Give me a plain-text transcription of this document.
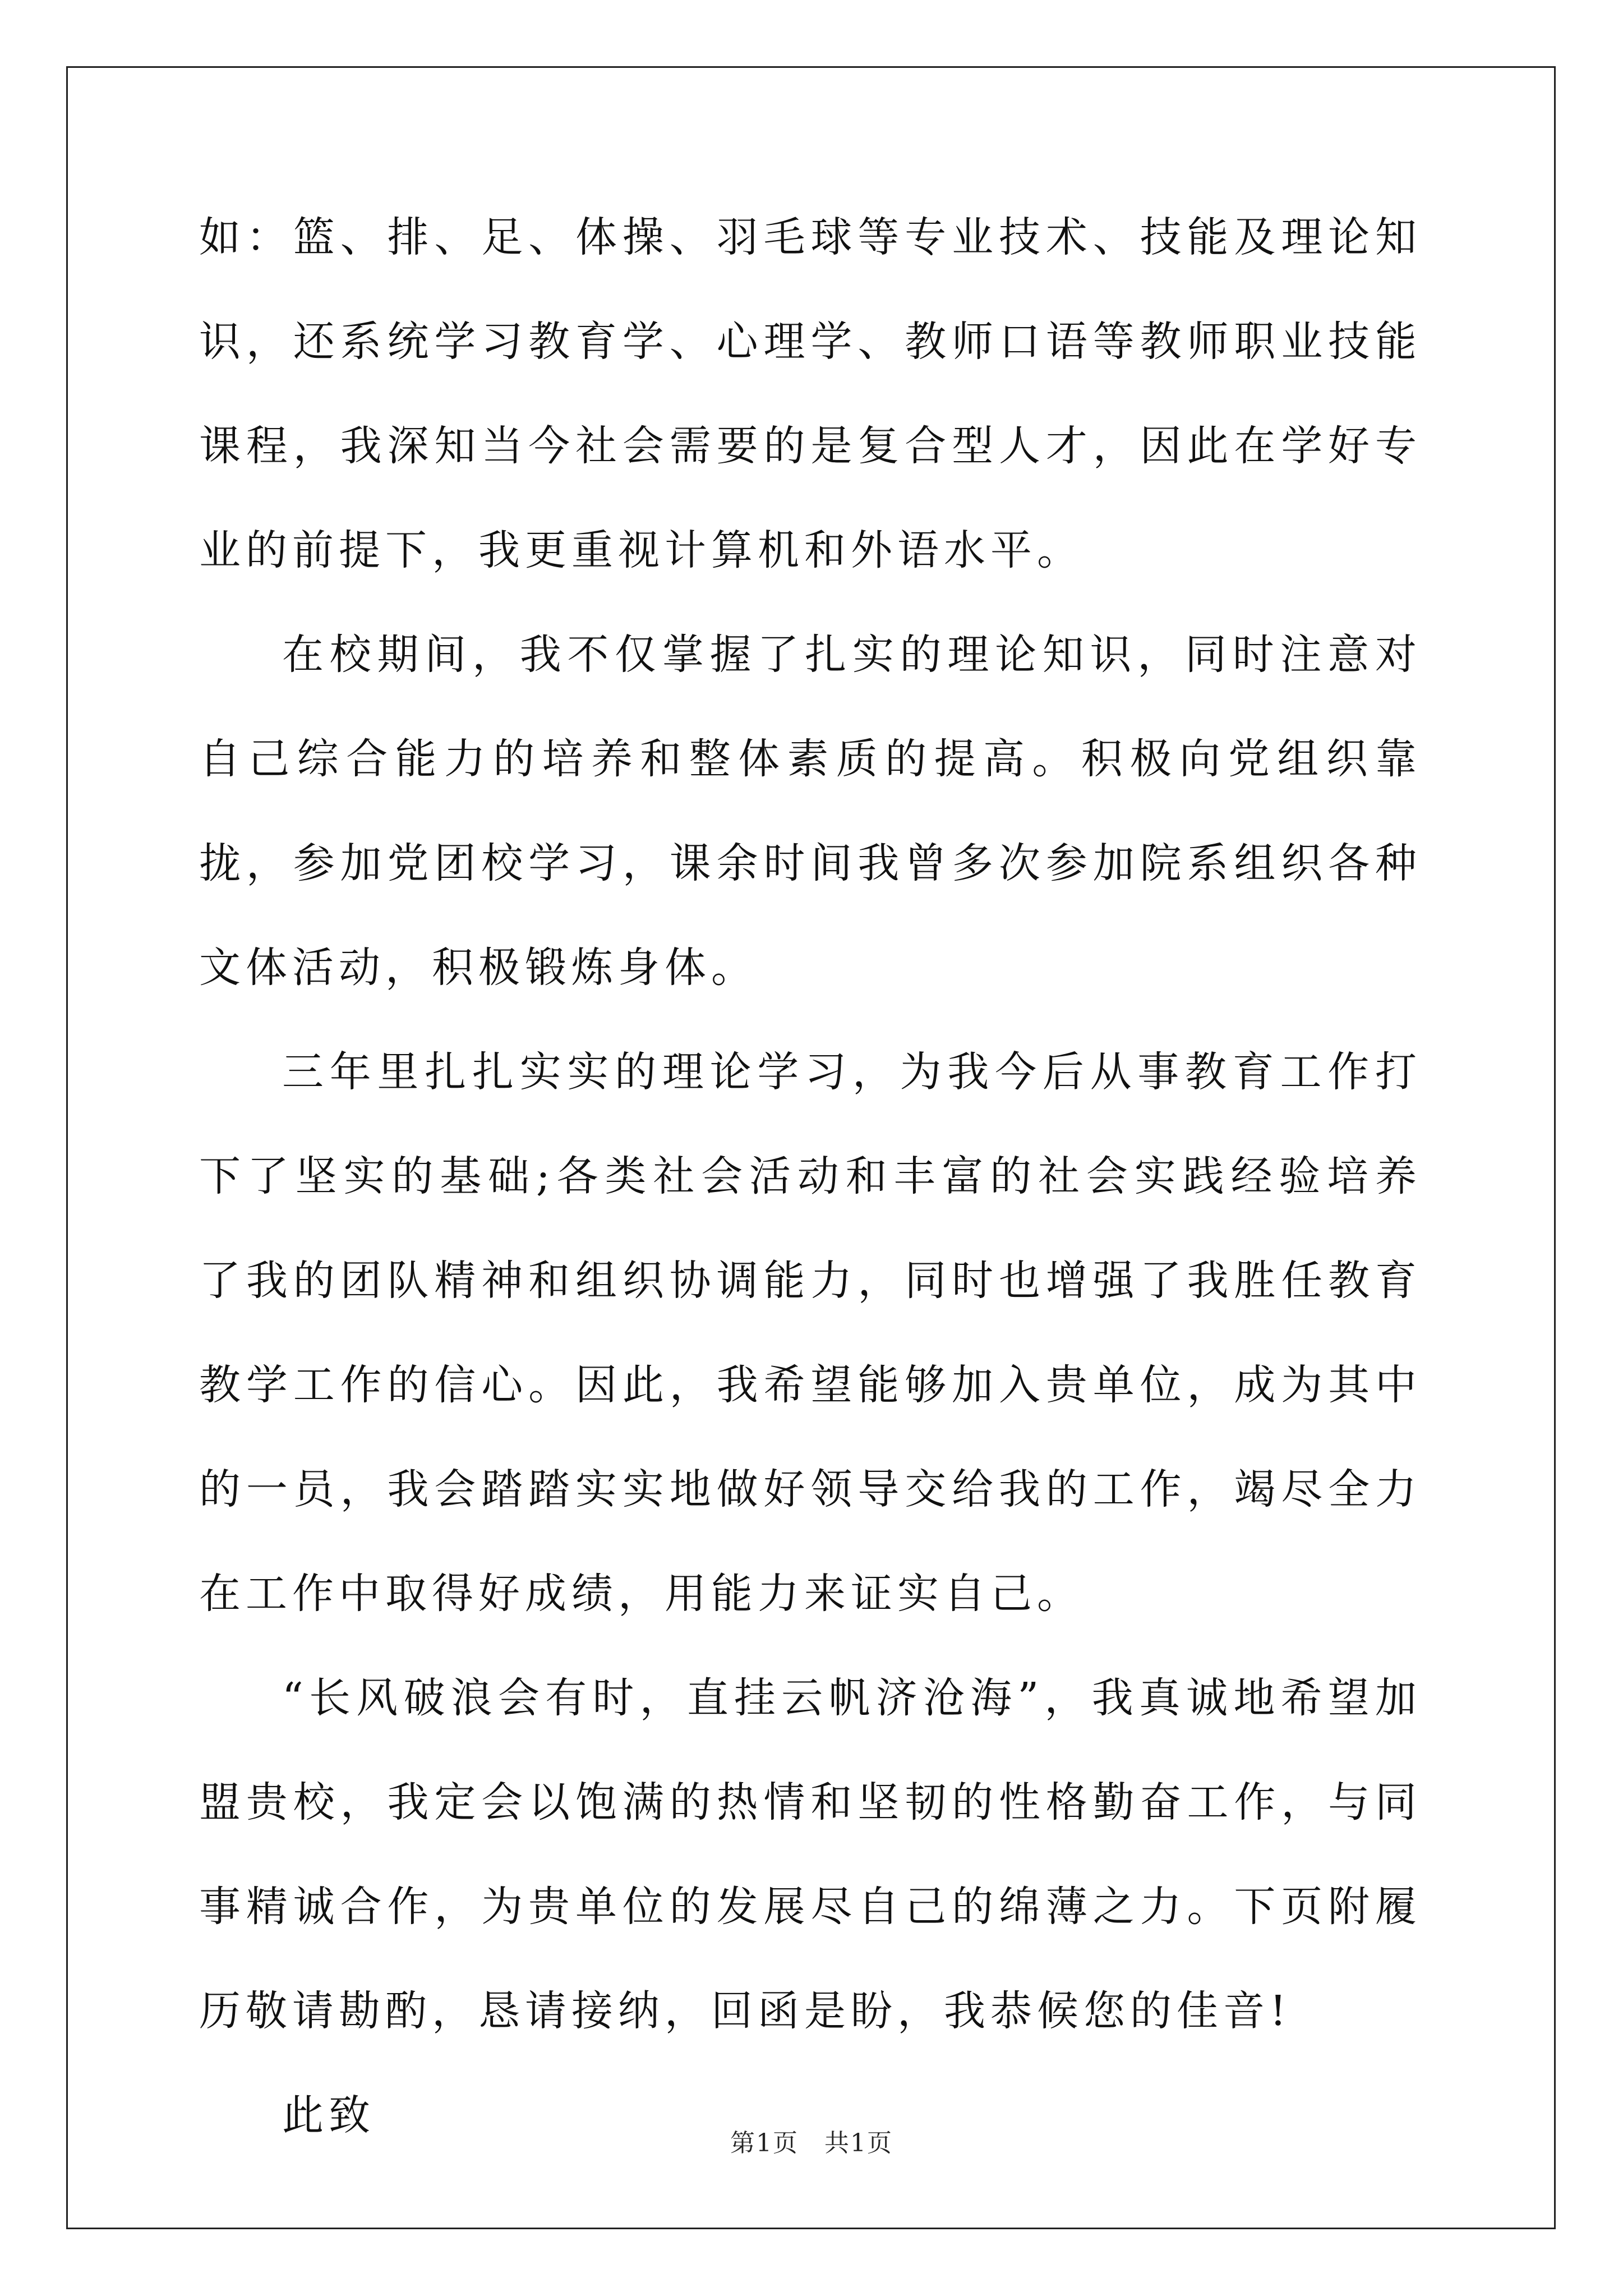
如：篮、排、足、体操、羽毛球等专业技术、技能及理论知识，还系统学习教育学、心理学、教师口语等教师职业技能课程，我深知当今社会需要的是复合型人才，因此在学好专业的前提下，我更重视计算机和外语水平。

在校期间，我不仅掌握了扎实的理论知识，同时注意对自己综合能力的培养和整体素质的提高。积极向党组织靠拢，参加党团校学习，课余时间我曾多次参加院系组织各种文体活动，积极锻炼身体。

三年里扎扎实实的理论学习，为我今后从事教育工作打下了坚实的基础;各类社会活动和丰富的社会实践经验培养了我的团队精神和组织协调能力，同时也增强了我胜任教育教学工作的信心。因此，我希望能够加入贵单位，成为其中的一员，我会踏踏实实地做好领导交给我的工作，竭尽全力在工作中取得好成绩，用能力来证实自己。

“长风破浪会有时，直挂云帆济沧海”，我真诚地希望加盟贵校，我定会以饱满的热情和坚韧的性格勤奋工作，与同事精诚合作，为贵单位的发展尽自己的绵薄之力。下页附履历敬请勘酌，恳请接纳，回函是盼，我恭候您的佳音!

此致

第1页　共1页
